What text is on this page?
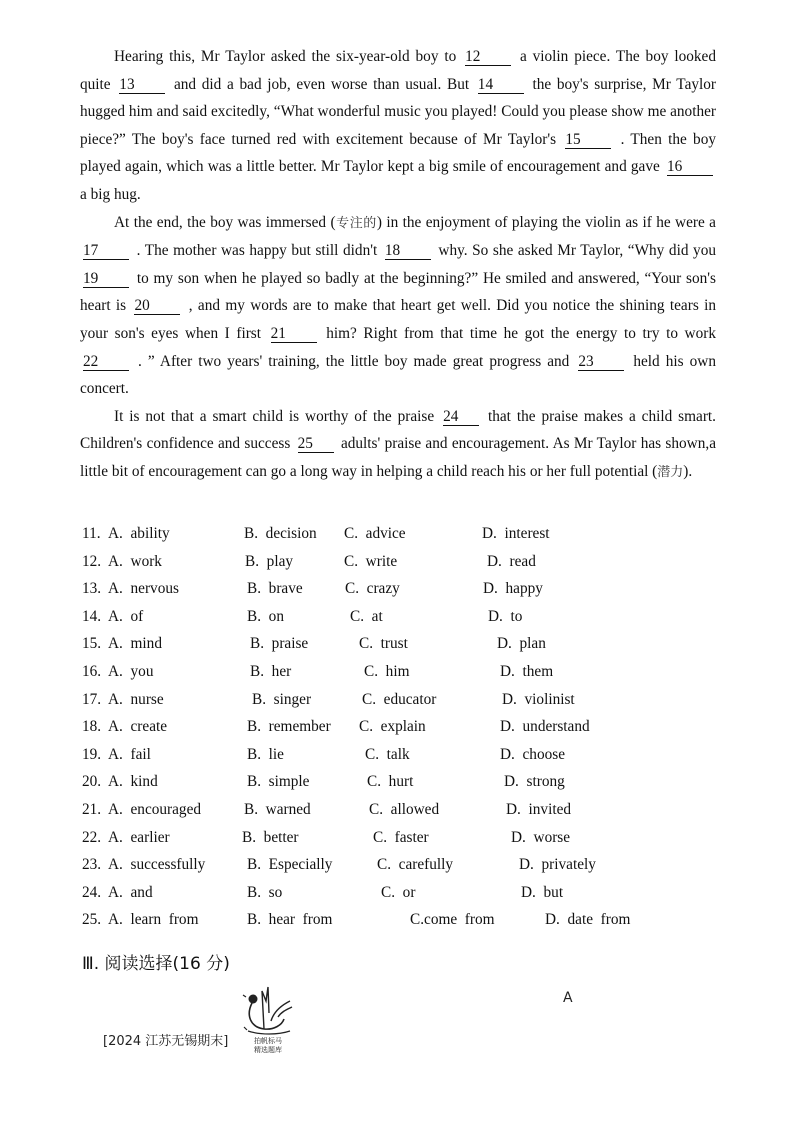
Hearing this, Mr Taylor asked the six-year-old boy to 12 a violin piece. The boy looked quite 13 and did a bad job, even worse than usual. But 14 the boy's surprise, Mr Taylor hugged him and said excitedly, “What wonderful music you played! Could you please show me another piece?” The boy's face turned red with excitement because of Mr Taylor's 15 . Then the boy played again, which was a little better. Mr Taylor kept a big smile of encouragement and gave 16 a big hug.

At the end, the boy was immersed (专注的) in the enjoyment of playing the violin as if he were a 17 . The mother was happy but still didn't 18 why. So she asked Mr Taylor, “Why did you 19 to my son when he played so badly at the beginning?” He smiled and answered, “Your son's heart is 20 , and my words are to make that heart get well. Did you notice the shining tears in your son's eyes when I first 21 him? Right from that time he got the energy to try to work 22 . ” After two years' training, the little boy made great progress and 23 held his own concert.

It is not that a smart child is worthy of the praise 24 that the praise makes a child smart. Children's confidence and success 25 adults' praise and encouragement. As Mr Taylor has shown,a little bit of encouragement can go a long way in helping a child reach his or her full potential (潜力).

11. A.  ability	B.  decision C.  advice	D.  interest
12. A.  work	B.  play	C.  write	D.  read
13. A.  nervous	B.  brave	C.  crazy	D.  happy
14. A.  of	B.  on	C.  at	D.  to
15. A.  mind	B.  praise	C.  trust	D.  plan
16. A.  you	B.  her	C.  him	D.  them
17. A.  nurse	B.  singer	C.  educator	D.  violinist
18. A.  create	B.  remember C.  explain	D.  understand
19. A.  fail	B.  lie	C.  talk	D.  choose
20. A.  kind	B.  simple	C.  hurt	D.  strong
21. A.  encouraged	B.  warned	C.  allowed	D.  invited
22. A.  earlier	B.  better	C.  faster	D.  worse
23. A.  successfully	B.  Especially	C.  carefully	D.  privately
24. A.  and	B.  so	C.  or	D.  but
25. A.  learn  from	B.  hear  from	C.come  from	D.  date  from
Ⅲ. 阅读选择(16 分)
拍帆标马
精选题库
A
[2024 江苏无锡期末]
